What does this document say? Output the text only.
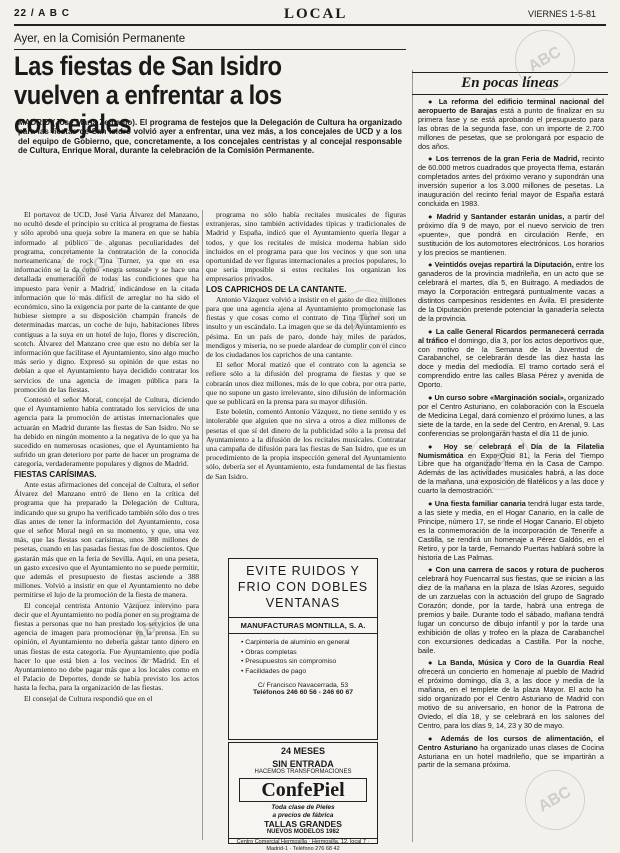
22 / A B C	LOCAL	VIERNES 1-5-81
Ayer, en la Comisión Permanente
Las fiestas de San Isidro vuelven a enfrentar a los concejales
MADRID (José María Zemamo). El programa de festejos que la Delegación de Cultura ha organizado para las fiestas de San Isidro volvió ayer a enfrentar, una vez más, a los concejales de UCD y a los del equipo de Gobierno, que, concretamente, a los concejales centristas y al concejal responsable de Cultura, Enrique Moral, durante la celebración de la Comisión Permanente.

El portavoz de UCD, José Varia Álvarez del Manzano, no ocultó desde el principio su crítica al programa de fiestas y sólo aprobó una queja sobre la manera en que se había informado al público de algunas peculiaridades del programa, concretamente la contratación de la conocida norteamericana de rock Tina Turner, ya que en esa información se la da como «negra sensual» y se hace una detallada enumeración de todas las condiciones que ha impuesto para venir a Madrid, indicándose en la citada información que lo más difícil de arreglar no ha sido el económico, sino la exigencia por parte de la cantante de que hubiese siempre a su disposición champán francés de determinadas marcas, un coche de lujo, habitaciones libres contiguas a la suya en un hotel de lujo, flores y discreción, scotch. Álvarez del Manzano cree que esto no debía ser la información que facilitase el Ayuntamiento, sino algo mucho más serio y digno. Expresó su opinión de que estas no debían a que el Ayuntamiento haya decidido contratar los servicios de una agencia de imagen pública para la promoción de las fiestas.

Contestó el señor Moral, concejal de Cultura, diciendo que el Ayuntamiento había contratado los servicios de una agencia para la promoción de artistas internacionales que actuarán en Madrid durante las fiestas de San Isidro. No se ha debido en ningún momento a la negativa de lo que ya ha sucedido en numerosas ocasiones, que el Ayuntamiento ha sufrido un gran deterioro por parte de hacer un programa de categoría, verdaderamente populares y dignos de Madrid.

FIESTAS CARÍSIMAS.

Ante estas afirmaciones del concejal de Cultura, el señor Álvarez del Manzano entró de lleno en la crítica del programa que ha preparado la Delegación de Cultura, indicando que su grupo ha verificado también sólo dos o tres días antes de tener la información del Ayuntamiento, cosa que el señor Moral negó en su momento, y que, una vez más, que las fiestas son carísimas, unos 388 millones de pesetas, cuando en las pasadas fiestas fue de doscientos. Que gastarán más que en la feria de Sevilla. Aquí, en una peseta, un gasto excesivo que el Ayuntamiento no se puede permitir, que además el presupuesto de fiestas asciende a 388 millones. Volvió a insistir en que el Ayuntamiento no debe permitirse el lujo de la promoción de la fiesta de manera.

El concejal centrista Antonio Vázquez intervino para decir que el Ayuntamiento no podía poner en su programa de fiestas a personas que no han prestado los servicios de una agencia de imagen para promocionar en la prensa. En su opinión, el Ayuntamiento no debería gastar tanto dinero en unas fiestas de esta categoría. Fue Ayuntamiento que podía hacer lo que está bien a los vecinos de Madrid. En el Ayuntamiento no debe pagar más que a los locales como en el Palacio de Deportes, donde se había previsto los actos hasta la fecha, para la organización de las fiestas.

El consejal de Cultura respondió que en el

programa no sólo había recitales musicales de figuras extranjeras, sino también actividades típicas y tradicionales de Madrid y España, indicó que el Ayuntamiento quería llegar a todos, y que los recitales de música moderna habían sido incluidos en el programa para que los vecinos y que son una oportunidad de ver figuras internacionales a precios populares, lo que sería imposible si estos recitales los organizan los empresarios privados.

LOS CAPRICHOS DE LA CANTANTE.

Antonio Vázquez volvió a insistir en el gasto de diez millones para que una agencia ajena al Ayuntamiento promocionase las fiestas y que cosas como el contrato de Tina Turner son un insulto y un escándalo. La imagen que se da del Ayuntamiento es pésima. En un país de paro, donde hay miles de parados, mendigos y miseria, no se puede alardear de cumplir con el cinco de los ciudadanos los caprichos de una cantante.

El señor Moral matizó que el contrato con la agencia se refiere sólo a la difusión del programa de fiestas y que se cobrarán unos diez millones, más de lo que cobra, por otra parte, que no supone un gasto irrelevante, sino difusión de información que se publicará en la prensa para su mayor difusión.

Este boletín, comentó Antonio Vázquez, no tiene sentido y es intolerable que alguien que no sirva a otros a diez millones de pesetas el que sí del dinero de la publicidad sólo a la prensa del Ayuntamiento a la difusión de los recitales musicales. Contratar una campaña de difusión para las fiestas de San Isidro, que es un procedimiento de la propia inspección general del Ayuntamiento sólo, debería ser el Ayuntamiento, esta fundamental de las fiestas de San Isidro.

EVITE RUIDOS Y FRIO CON DOBLES VENTANAS
MANUFACTURAS MONTILLA, S. A.
• Carpintería de aluminio en general
• Obras completas
• Presupuestos sin compromiso
• Facilidades de pago
C/ Francisco Navacerrada, 53
Teléfonos 246 60 56 - 246 60 67
24 MESES
SIN ENTRADA
HACEMOS TRANSFORMACIONES
ConfePiel
Toda clase de Pieles
a precios de fábrica
TALLAS GRANDES
NUEVOS MODELOS 1982
Centro Comercial Hermosilla · Hermosilla, 12, local 7 · Madrid-1 · Teléfono 276 68 42
En pocas líneas

● La reforma del edificio terminal nacional del aeropuerto de Barajas está a punto de finalizar en su primera fase y se está aprobando el presupuesto para las obras de la segunda fase, con un importe de 2.700 millones de pesetas, que se prolongará por espacio de dos años.

● Los terrenos de la gran Feria de Madrid, recinto de 60.000 metros cuadrados que proyecta Ifema, estarán completados antes del próximo verano y supondrán una inversión superior a los 3.000 millones de pesetas. La inauguración del recinto ferial mayor de España estará concluida en 1983.

● Madrid y Santander estarán unidas, a partir del próximo día 9 de mayo, por el nuevo servicio de tren «puente», que pondrá en circulación Renfe, en sustitución de los automotores electrónicos. Los horarios y los precios se mantienen.

● Veintidós ovejas repartirá la Diputación, entre los ganaderos de la provincia madrileña, en un acto que se celebrará el martes, día 5, en Buitrago. A mediados de mayo la Corporación entregará puntualmente vacas a distintos campesinos residentes en Ávila. El presidente de la Diputación pretende potenciar la ganadería selecta de la provincia.

● La calle General Ricardos permanecerá cerrada al tráfico el domingo, día 3, por los actos deportivos que, con motivo de la Semana de la Juventud de Carabanchel, se celebrarán desde las diez hasta las doce y media del mediodía. El tramo cortado será el comprendido entre las calles Blasa Pérez y avenida de Oporto.

● Un curso sobre «Marginación social», organizado por el Centro Asturiano, en colaboración con la Escuela de Medicina Legal, dará comienzo el próximo lunes, a las siete de la tarde, en la sede del Centro, en Arenal, 9. Las conferencias se prolongarán hasta el día 11 de junio.

● Hoy se celebrará el Día de la Filatelia Numismática en Expo-Ocio 81, la Feria del Tiempo Libre que ha organizado Ifema en la Casa de Campo. Además de las actividades musicales habrá, a las doce de la mañana, una exposición de filatélicos y a las doce y cuarto la demostración.

● Una fiesta familiar canaria tendrá lugar esta tarde, a las siete y media, en el Hogar Canario, en la calle de Principe, número 17, se rinde el Hogar Canario. El objeto es la conmemoración de la incorporación de Tenerife a Castilla, se rendirá un homenaje a Pérez Galdós, en el Retiro, y por la tarde, Fernando Puertas hablará sobre la historia de Las Palmas.

● Con una carrera de sacos y rotura de pucheros celebrará hoy Fuencarral sus fiestas, que se inician a las diez de la mañana en la plaza de Islas Azores, seguido de un zarzuelas con la actuación del grupo de Sagrado Corazón; donde, por la tarde, habrá una entrega de premios y baile. Durante todo el sábado, mañana tendrá lugar un concurso de dibujo infantil y por la tarde una exhibición de ollas y trofeo en la plaza de Carabanchel con excursiones dedicadas a Castilla. Por la noche, baile.

● La Banda, Música y Coro de la Guardia Real ofrecerá un concierto en homenaje al pueblo de Madrid el próximo domingo, día 3, a las doce y media de la mañana, en el templete de la plaza Mayor. El acto ha sido organizado por el Centro Asturiano de Madrid con motivo de su aniversario, en honor de la Patrona de Oviedo, el día 18, y se celebrará en los salones del Centro, para los días 9, 14, 23 y 30 de mayo.

● Además de los cursos de alimentación, el Centro Asturiano ha organizado unas clases de Cocina Asturiana en un hotel madrileño, que se impartirán a partir de la semana próxima.

ABC
ABC
ABC
ABC
ABC
ABC
